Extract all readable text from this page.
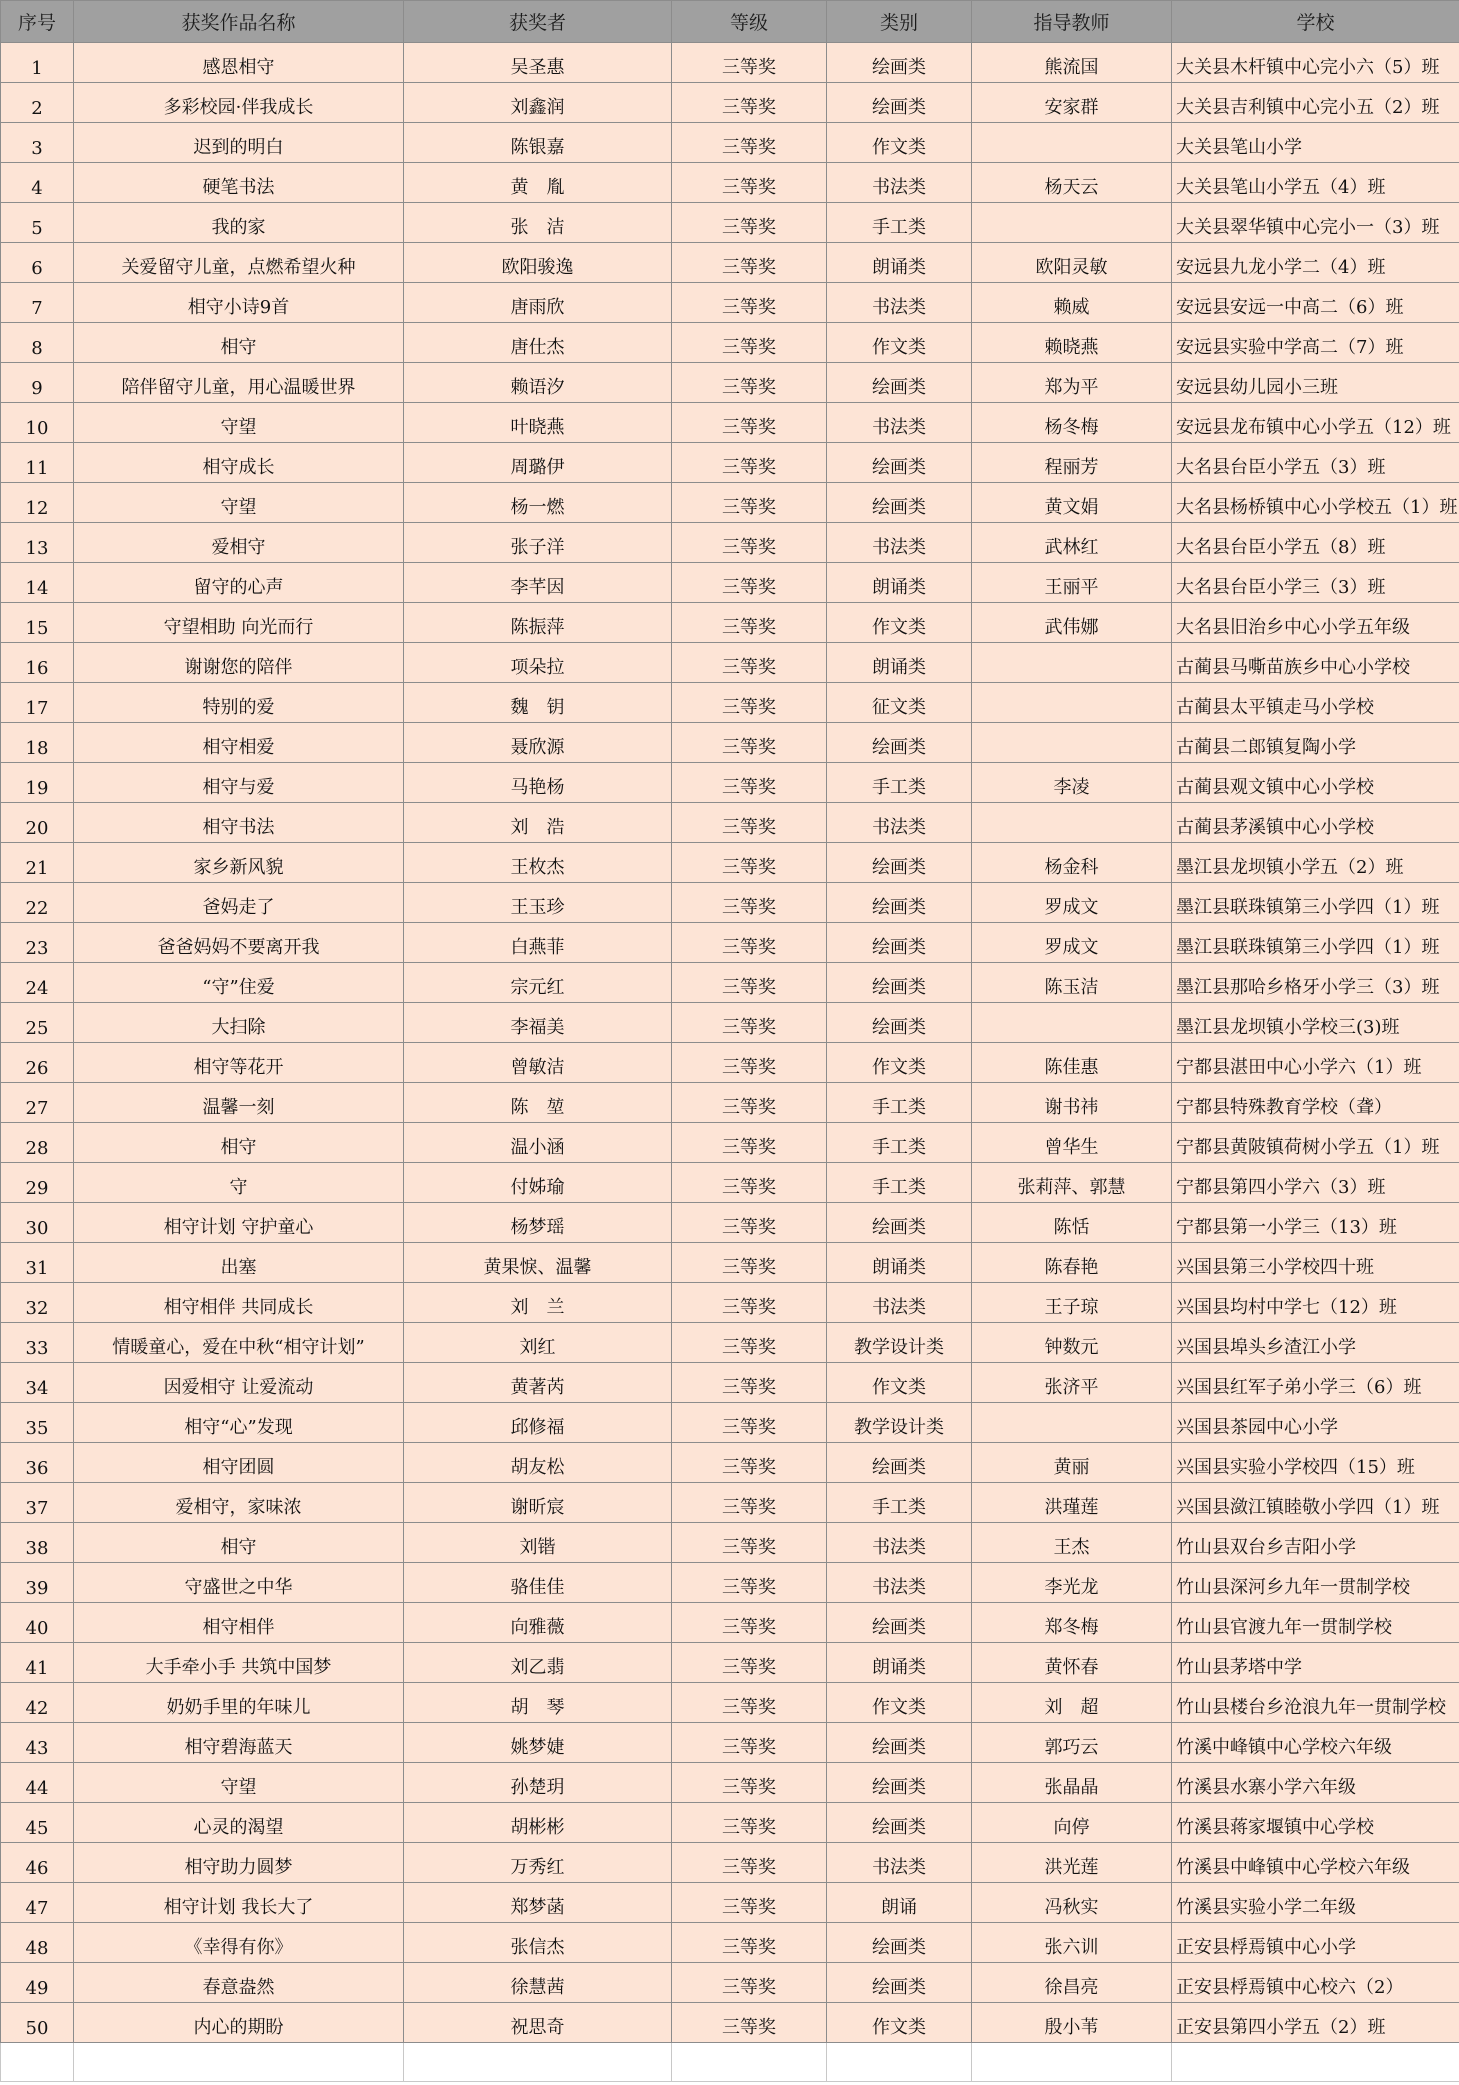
序号	获奖作品名称	获奖者	等级	类别	指导教师	学校
1	感恩相守	吴圣惠	三等奖	绘画类	熊流国	大关县木杆镇中心完小六（5）班
2	多彩校园·伴我成长	刘鑫润	三等奖	绘画类	安家群	大关县吉利镇中心完小五（2）班
3	迟到的明白	陈银嘉	三等奖	作文类		大关县笔山小学
4	硬笔书法	黄　胤	三等奖	书法类	杨天云	大关县笔山小学五（4）班
5	我的家	张　洁	三等奖	手工类		大关县翠华镇中心完小一（3）班
6	关爱留守儿童，点燃希望火种	欧阳骏逸	三等奖	朗诵类	欧阳灵敏	安远县九龙小学二（4）班
7	相守小诗9首	唐雨欣	三等奖	书法类	赖威	安远县安远一中高二（6）班
8	相守	唐仕杰	三等奖	作文类	赖晓燕	安远县实验中学高二（7）班
9	陪伴留守儿童，用心温暖世界	赖语汐	三等奖	绘画类	郑为平	安远县幼儿园小三班
10	守望	叶晓燕	三等奖	书法类	杨冬梅	安远县龙布镇中心小学五（12）班
11	相守成长	周璐伊	三等奖	绘画类	程丽芳	大名县台臣小学五（3）班
12	守望	杨一燃	三等奖	绘画类	黄文娟	大名县杨桥镇中心小学校五（1）班
13	爱相守	张子洋	三等奖	书法类	武林红	大名县台臣小学五（8）班
14	留守的心声	李芊因	三等奖	朗诵类	王丽平	大名县台臣小学三（3）班
15	守望相助 向光而行	陈振萍	三等奖	作文类	武伟娜	大名县旧治乡中心小学五年级
16	谢谢您的陪伴	项朵拉	三等奖	朗诵类		古蔺县马嘶苗族乡中心小学校
17	特别的爱	魏　钥	三等奖	征文类		古蔺县太平镇走马小学校
18	相守相爱	聂欣源	三等奖	绘画类		古蔺县二郎镇复陶小学
19	相守与爱	马艳杨	三等奖	手工类	李凌	古蔺县观文镇中心小学校
20	相守书法	刘　浩	三等奖	书法类		古蔺县茅溪镇中心小学校
21	家乡新风貌	王枚杰	三等奖	绘画类	杨金科	墨江县龙坝镇小学五（2）班
22	爸妈走了	王玉珍	三等奖	绘画类	罗成文	墨江县联珠镇第三小学四（1）班
23	爸爸妈妈不要离开我	白燕菲	三等奖	绘画类	罗成文	墨江县联珠镇第三小学四（1）班
24	“守”住爱	宗元红	三等奖	绘画类	陈玉洁	墨江县那哈乡格牙小学三（3）班
25	大扫除	李福美	三等奖	绘画类		墨江县龙坝镇小学校三(3)班
26	相守等花开	曾敏洁	三等奖	作文类	陈佳惠	宁都县湛田中心小学六（1）班
27	温馨一刻	陈　堃	三等奖	手工类	谢书祎	宁都县特殊教育学校（聋）
28	相守	温小涵	三等奖	手工类	曾华生	宁都县黄陂镇荷树小学五（1）班
29	守	付姊瑜	三等奖	手工类	张莉萍、郭慧	宁都县第四小学六（3）班
30	相守计划 守护童心	杨梦瑶	三等奖	绘画类	陈恬	宁都县第一小学三（13）班
31	出塞	黄果悷、温馨	三等奖	朗诵类	陈春艳	兴国县第三小学校四十班
32	相守相伴 共同成长	刘　兰	三等奖	书法类	王子琼	兴国县均村中学七（12）班
33	情暖童心，爱在中秋“相守计划”	刘红	三等奖	教学设计类	钟数元	兴国县埠头乡渣江小学
34	因爱相守 让爱流动	黄著芮	三等奖	作文类	张济平	兴国县红军子弟小学三（6）班
35	相守“心”发现	邱修福	三等奖	教学设计类		兴国县茶园中心小学
36	相守团圆	胡友松	三等奖	绘画类	黄丽	兴国县实验小学校四（15）班
37	爱相守，家味浓	谢昕宸	三等奖	手工类	洪瑾莲	兴国县潋江镇睦敬小学四（1）班
38	相守	刘锴	三等奖	书法类	王杰	竹山县双台乡吉阳小学
39	守盛世之中华	骆佳佳	三等奖	书法类	李光龙	竹山县深河乡九年一贯制学校
40	相守相伴	向雅薇	三等奖	绘画类	郑冬梅	竹山县官渡九年一贯制学校
41	大手牵小手 共筑中国梦	刘乙翡	三等奖	朗诵类	黄怀春	竹山县茅塔中学
42	奶奶手里的年味儿	胡　琴	三等奖	作文类	刘　超	竹山县楼台乡沧浪九年一贯制学校
43	相守碧海蓝天	姚梦婕	三等奖	绘画类	郭巧云	竹溪中峰镇中心学校六年级
44	守望	孙楚玥	三等奖	绘画类	张晶晶	竹溪县水寨小学六年级
45	心灵的渴望	胡彬彬	三等奖	绘画类	向停	竹溪县蒋家堰镇中心学校
46	相守助力圆梦	万秀红	三等奖	书法类	洪光莲	竹溪县中峰镇中心学校六年级
47	相守计划 我长大了	郑梦菡	三等奖	朗诵	冯秋实	竹溪县实验小学二年级
48	《幸得有你》	张信杰	三等奖	绘画类	张六训	正安县桴焉镇中心小学
49	春意盎然	徐慧茜	三等奖	绘画类	徐昌亮	正安县桴焉镇中心校六（2）
50	内心的期盼	祝思奇	三等奖	作文类	殷小苇	正安县第四小学五（2）班
